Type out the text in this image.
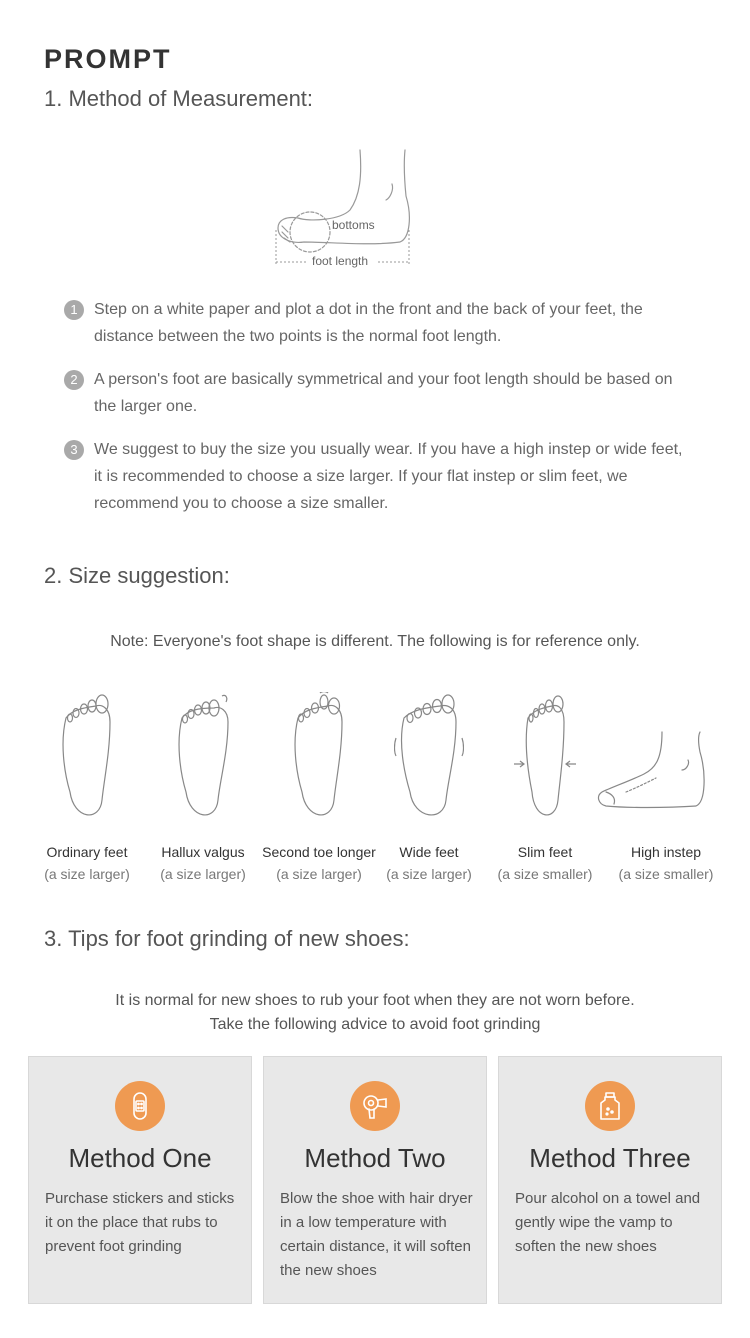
PROMPT
1. Method of Measurement:
bottoms
foot length
1	Step on a white paper and plot a dot in the front and the back of your feet, the distance between the two points is the normal foot length.
2	A person's foot are basically symmetrical and your foot length should be based on the larger one.
3	We suggest to buy the size you usually wear. If you have a high instep or wide feet, it is recommended to choose a size larger. If your flat instep or slim feet, we recommend you to choose a size smaller.
2. Size suggestion:
Note: Everyone's foot shape is different. The following is for reference only.
Ordinary feet
(a size larger)
Hallux valgus
(a size larger)
Second toe longer
(a size larger)
Wide feet
(a size larger)
Slim feet
(a size smaller)
High instep
(a size smaller)
3. Tips for foot grinding of new shoes:
It is normal for new shoes to rub your foot when they are not worn before.
Take the following advice to avoid foot grinding
Method One
Purchase stickers and sticks it on the place that rubs to prevent foot grinding
Method Two
Blow the shoe with hair dryer in a low temperature with certain distance, it will soften the new shoes
Method Three
Pour alcohol on a towel and gently wipe the vamp to soften the new shoes
